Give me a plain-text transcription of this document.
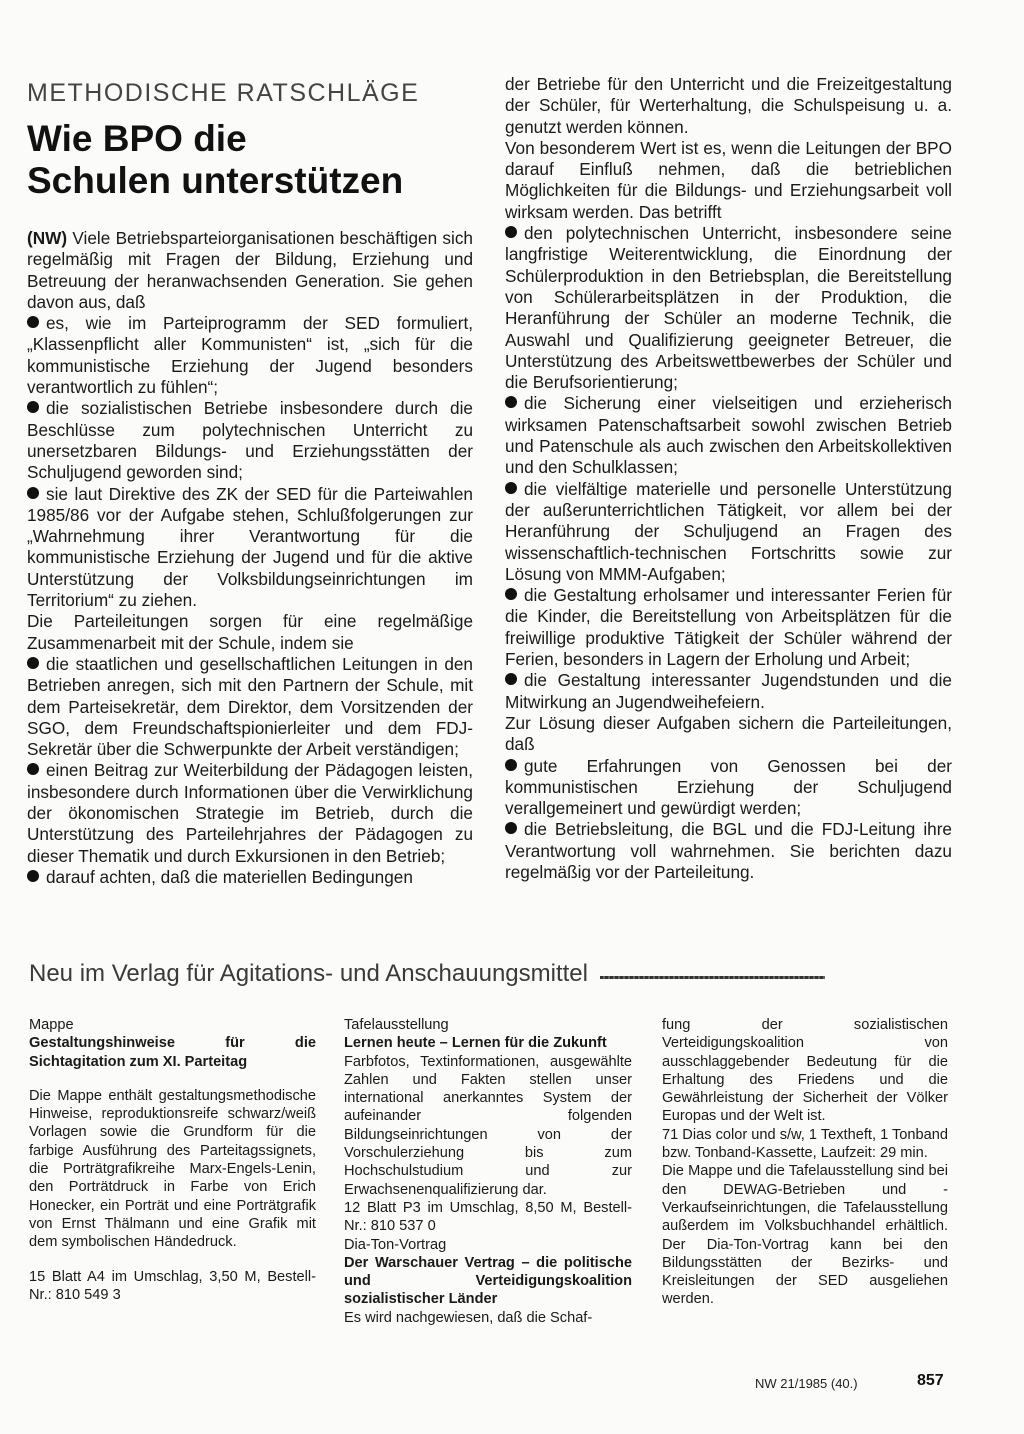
METHODISCHE RATSCHLÄGE
Wie BPO die
Schulen unterstützen

(NW) Viele Betriebsparteiorganisationen beschäftigen sich regelmäßig mit Fragen der Bildung, Erziehung und Betreuung der heranwachsenden Generation. Sie gehen davon aus, daß

es, wie im Parteiprogramm der SED formuliert, „Klassenpflicht aller Kommunisten“ ist, „sich für die kommunistische Erziehung der Jugend besonders verantwortlich zu fühlen“;

die sozialistischen Betriebe insbesondere durch die Beschlüsse zum polytechnischen Unterricht zu unersetzbaren Bildungs- und Erziehungsstätten der Schuljugend geworden sind;

sie laut Direktive des ZK der SED für die Parteiwahlen 1985/86 vor der Aufgabe stehen, Schlußfolgerungen zur „Wahrnehmung ihrer Verantwortung für die kommunistische Erziehung der Jugend und für die aktive Unterstützung der Volksbildungseinrichtungen im Territorium“ zu ziehen.

Die Parteileitungen sorgen für eine regelmäßige Zusammenarbeit mit der Schule, indem sie

die staatlichen und gesellschaftlichen Leitungen in den Betrieben anregen, sich mit den Partnern der Schule, mit dem Parteisekretär, dem Direktor, dem Vorsitzenden der SGO, dem Freundschaftspionierleiter und dem FDJ-Sekretär über die Schwerpunkte der Arbeit verständigen;

einen Beitrag zur Weiterbildung der Pädagogen leisten, insbesondere durch Informationen über die Verwirklichung der ökonomischen Strategie im Betrieb, durch die Unterstützung des Parteilehrjahres der Pädagogen zu dieser Thematik und durch Exkursionen in den Betrieb;

darauf achten, daß die materiellen Bedingungen

der Betriebe für den Unterricht und die Freizeitgestaltung der Schüler, für Werterhaltung, die Schulspeisung u. a. genutzt werden können.

Von besonderem Wert ist es, wenn die Leitungen der BPO darauf Einfluß nehmen, daß die betrieblichen Möglichkeiten für die Bildungs- und Erziehungsarbeit voll wirksam werden. Das betrifft

den polytechnischen Unterricht, insbesondere seine langfristige Weiterentwicklung, die Einordnung der Schülerproduktion in den Betriebsplan, die Bereitstellung von Schülerarbeitsplätzen in der Produktion, die Heranführung der Schüler an moderne Technik, die Auswahl und Qualifizierung geeigneter Betreuer, die Unterstützung des Arbeitswettbewerbes der Schüler und die Berufsorientierung;

die Sicherung einer vielseitigen und erzieherisch wirksamen Patenschaftsarbeit sowohl zwischen Betrieb und Patenschule als auch zwischen den Arbeitskollektiven und den Schulklassen;

die vielfältige materielle und personelle Unterstützung der außerunterrichtlichen Tätigkeit, vor allem bei der Heranführung der Schuljugend an Fragen des wissenschaftlich-technischen Fortschritts sowie zur Lösung von MMM-Aufgaben;

die Gestaltung erholsamer und interessanter Ferien für die Kinder, die Bereitstellung von Arbeitsplätzen für die freiwillige produktive Tätigkeit der Schüler während der Ferien, besonders in Lagern der Erholung und Arbeit;

die Gestaltung interessanter Jugendstunden und die Mitwirkung an Jugendweihefeiern.

Zur Lösung dieser Aufgaben sichern die Parteileitungen, daß

gute Erfahrungen von Genossen bei der kommunistischen Erziehung der Schuljugend verallgemeinert und gewürdigt werden;

die Betriebsleitung, die BGL und die FDJ-Leitung ihre Verantwortung voll wahrnehmen. Sie berichten dazu regelmäßig vor der Parteileitung.

Neu im Verlag für Agitations- und Anschauungsmittel

Mappe

Gestaltungshinweise für die Sichtagitation zum XI. Parteitag

Die Mappe enthält gestaltungsmethodische Hinweise, reproduktionsreife schwarz/weiß Vorlagen sowie die Grundform für die farbige Ausführung des Parteitagssignets, die Porträtgrafikreihe Marx-Engels-Lenin, den Porträtdruck in Farbe von Erich Honecker, ein Porträt und eine Porträtgrafik von Ernst Thälmann und eine Grafik mit dem symbolischen Händedruck.

15 Blatt A4 im Umschlag, 3,50 M, Bestell-Nr.: 810 549 3

Tafelausstellung

Lernen heute – Lernen für die Zukunft

Farbfotos, Textinformationen, ausgewählte Zahlen und Fakten stellen unser international anerkanntes System der aufeinander folgenden Bildungseinrichtungen von der Vorschulerziehung bis zum Hochschulstudium und zur Erwachsenenqualifizierung dar.

12 Blatt P3 im Umschlag, 8,50 M, Bestell-Nr.: 810 537 0

Dia-Ton-Vortrag

Der Warschauer Vertrag – die politische und Verteidigungskoalition sozialistischer Länder

Es wird nachgewiesen, daß die Schaf-

fung der sozialistischen Verteidigungskoalition von ausschlaggebender Bedeutung für die Erhaltung des Friedens und die Gewährleistung der Sicherheit der Völker Europas und der Welt ist.

71 Dias color und s/w, 1 Textheft, 1 Tonband bzw. Tonband-Kassette, Laufzeit: 29 min.

Die Mappe und die Tafelausstellung sind bei den DEWAG-Betrieben und -Verkaufseinrichtungen, die Tafelausstellung außerdem im Volksbuchhandel erhältlich. Der Dia-Ton-Vortrag kann bei den Bildungsstätten der Bezirks- und Kreisleitungen der SED ausgeliehen werden.

NW 21/1985 (40.)	857
